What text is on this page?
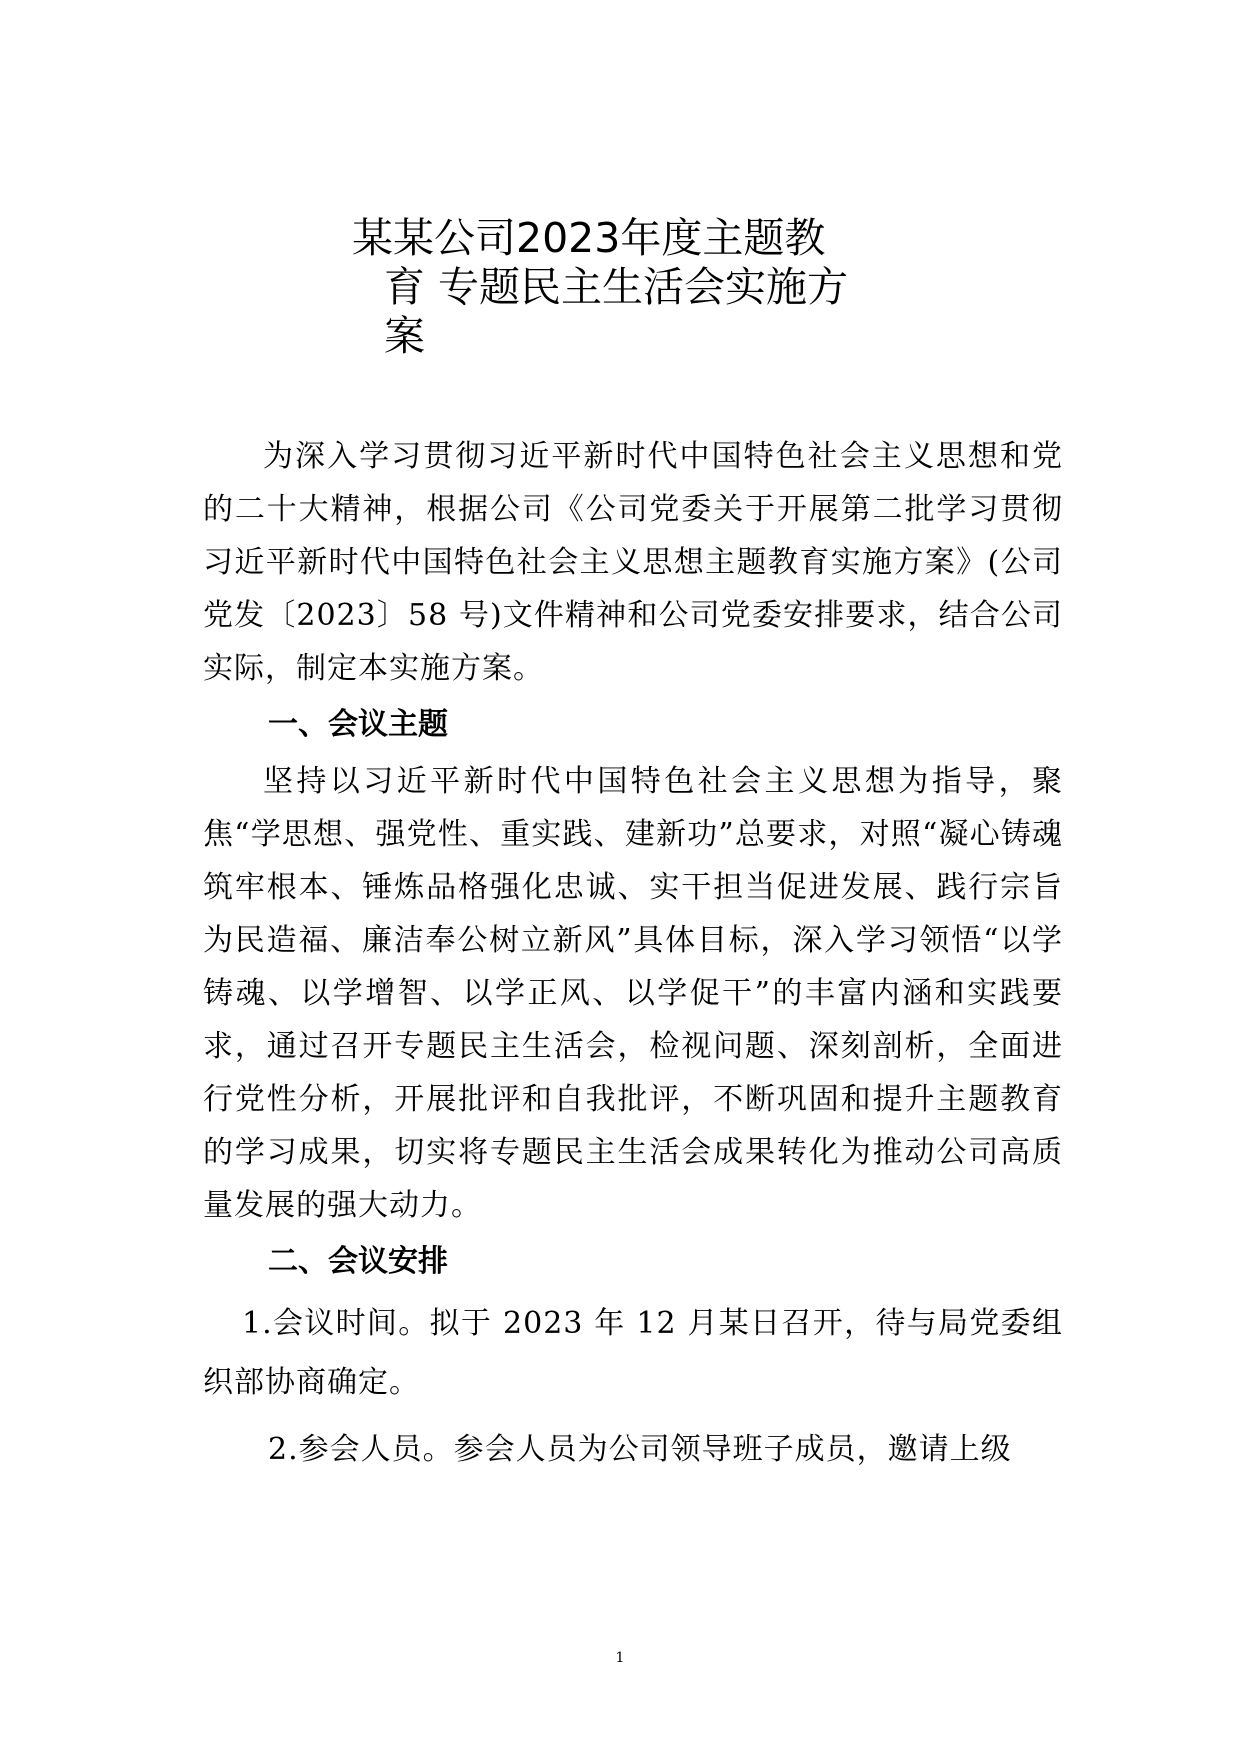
某某公司2023年度主题教
育 专题民主生活会实施方
案

为深入学习贯彻习近平新时代中国特色社会主义思想和党的二十大精神，根据公司《公司党委关于开展第二批学习贯彻习近平新时代中国特色社会主义思想主题教育实施方案》(公司党发〔2023〕58 号)文件精神和公司党委安排要求，结合公司实际，制定本实施方案。

一、会议主题

坚持以习近平新时代中国特色社会主义思想为指导，聚焦“学思想、强党性、重实践、建新功”总要求，对照“凝心铸魂筑牢根本、锤炼品格强化忠诚、实干担当促进发展、践行宗旨为民造福、廉洁奉公树立新风”具体目标，深入学习领悟“以学铸魂、以学增智、以学正风、以学促干”的丰富内涵和实践要求，通过召开专题民主生活会，检视问题、深刻剖析，全面进行党性分析，开展批评和自我批评，不断巩固和提升主题教育的学习成果，切实将专题民主生活会成果转化为推动公司高质量发展的强大动力。

二、会议安排

1.会议时间。拟于 2023 年 12 月某日召开，待与局党委组织部协商确定。

2.参会人员。参会人员为公司领导班子成员，邀请上级

1
